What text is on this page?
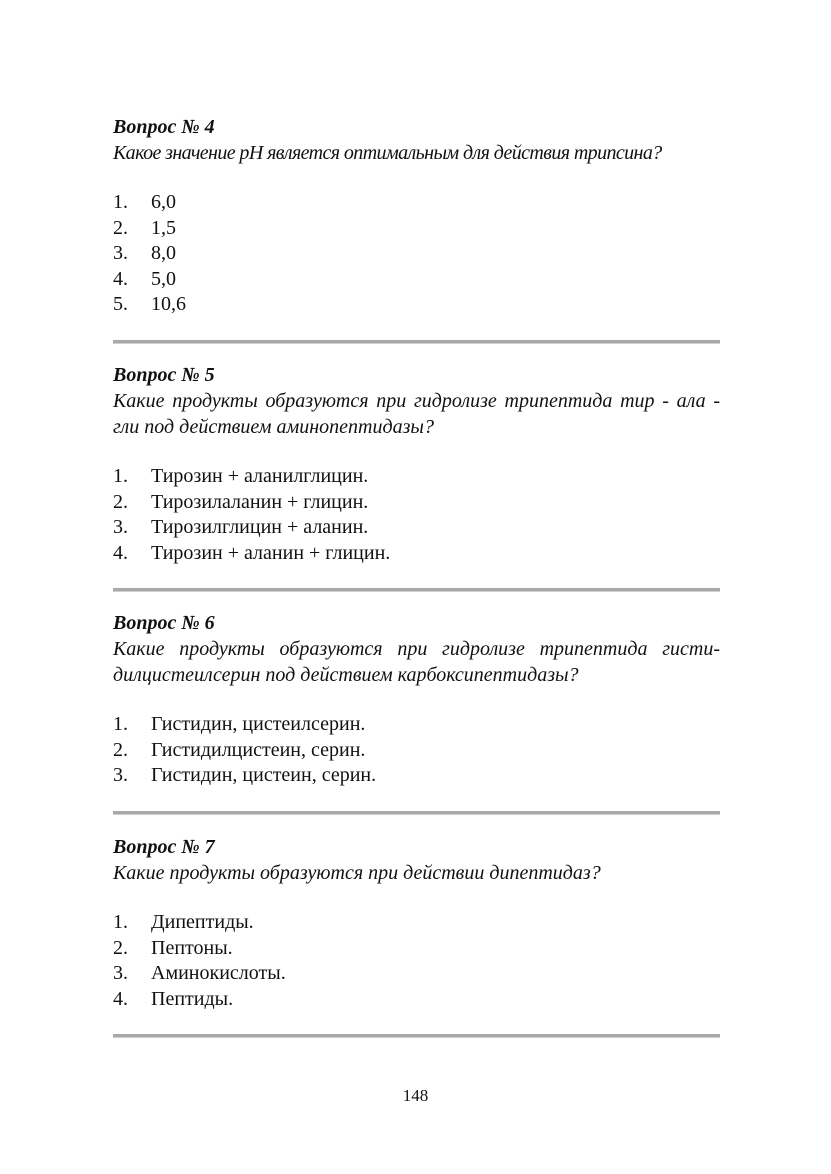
Вопрос № 4

Какое значение рН является оптимальным для действия трипсина?

1.	6,0
2.	1,5
3.	8,0
4.	5,0
5.	10,6

Вопрос № 5

Какие продукты образуются при гидролизе трипептида тир - ала - гли под действием аминопептидазы?

1.	Тирозин + аланилглицин.
2.	Тирозилаланин + глицин.
3.	Тирозилглицин + аланин.
4.	Тирозин + аланин + глицин.

Вопрос № 6

Какие продукты образуются при гидролизе трипептида гисти-дилцистеилсерин под действием карбоксипептидазы?

1.	Гистидин, цистеилсерин.
2.	Гистидилцистеин, серин.
3.	Гистидин, цистеин, серин.

Вопрос № 7

Какие продукты образуются при действии дипептидаз?

1.	Дипептиды.
2.	Пептоны.
3.	Аминокислоты.
4.	Пептиды.
148
